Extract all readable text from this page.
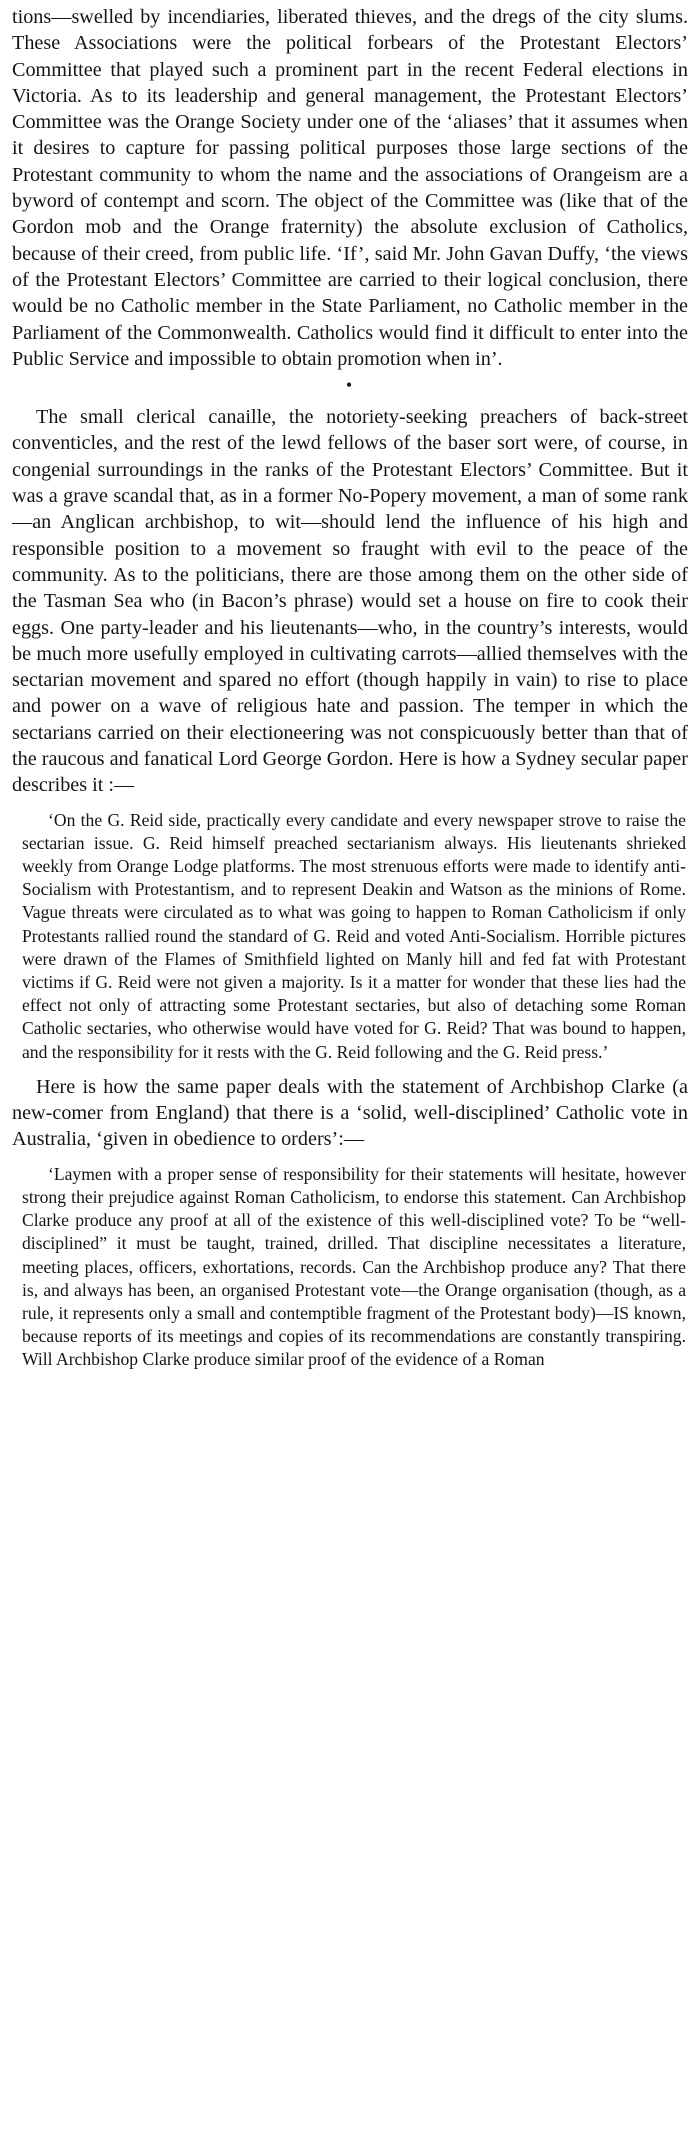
tions—swelled by incendiaries, liberated thieves, and the dregs of the city slums. These Associations were the political forbears of the Protestant Electors’ Committee that played such a prominent part in the recent Federal elections in Victoria. As to its leadership and general management, the Protestant Electors’ Committee was the Orange Society under one of the ‘aliases’ that it assumes when it desires to capture for passing political purposes those large sections of the Protestant community to whom the name and the associations of Orangeism are a byword of contempt and scorn. The object of the Committee was (like that of the Gordon mob and the Orange fraternity) the absolute exclusion of Catholics, because of their creed, from public life. ‘If’, said Mr. John Gavan Duffy, ‘the views of the Protestant Electors’ Committee are carried to their logical conclusion, there would be no Catholic member in the State Parliament, no Catholic member in the Parliament of the Commonwealth. Catholics would find it difficult to enter into the Public Service and impossible to obtain promotion when in’.

•

The small clerical canaille, the notoriety-seeking preachers of back-street conventicles, and the rest of the lewd fellows of the baser sort were, of course, in congenial surroundings in the ranks of the Protestant Electors’ Committee. But it was a grave scandal that, as in a former No-Popery movement, a man of some rank—an Anglican archbishop, to wit—should lend the influence of his high and responsible position to a movement so fraught with evil to the peace of the community. As to the politicians, there are those among them on the other side of the Tasman Sea who (in Bacon’s phrase) would set a house on fire to cook their eggs. One party-leader and his lieutenants—who, in the country’s interests, would be much more usefully employed in cultivating carrots—allied themselves with the sectarian movement and spared no effort (though happily in vain) to rise to place and power on a wave of religious hate and passion. The temper in which the sectarians carried on their electioneering was not conspicuously better than that of the raucous and fanatical Lord George Gordon. Here is how a Sydney secular paper describes it :—

‘On the G. Reid side, practically every candidate and every newspaper strove to raise the sectarian issue. G. Reid himself preached sectarianism always. His lieutenants shrieked weekly from Orange Lodge platforms. The most strenuous efforts were made to identify anti-Socialism with Protestantism, and to represent Deakin and Watson as the minions of Rome. Vague threats were circulated as to what was going to happen to Roman Catholicism if only Protestants rallied round the standard of G. Reid and voted Anti-Socialism. Horrible pictures were drawn of the Flames of Smithfield lighted on Manly hill and fed fat with Protestant victims if G. Reid were not given a majority. Is it a matter for wonder that these lies had the effect not only of attracting some Protestant sectaries, but also of detaching some Roman Catholic sectaries, who otherwise would have voted for G. Reid? That was bound to happen, and the responsibility for it rests with the G. Reid following and the G. Reid press.’

Here is how the same paper deals with the statement of Archbishop Clarke (a new-comer from England) that there is a ‘solid, well-disciplined’ Catholic vote in Australia, ‘given in obedience to orders’:—

‘Laymen with a proper sense of responsibility for their statements will hesitate, however strong their prejudice against Roman Catholicism, to endorse this statement. Can Archbishop Clarke produce any proof at all of the existence of this well-disciplined vote? To be “well-disciplined” it must be taught, trained, drilled. That discipline necessitates a literature, meeting places, officers, exhortations, records. Can the Archbishop produce any? That there is, and always has been, an organised Protestant vote—the Orange organisation (though, as a rule, it represents only a small and contemptible fragment of the Protestant body)—IS known, because reports of its meetings and copies of its recommendations are constantly transpiring. Will Archbishop Clarke produce similar proof of the evidence of a Roman
